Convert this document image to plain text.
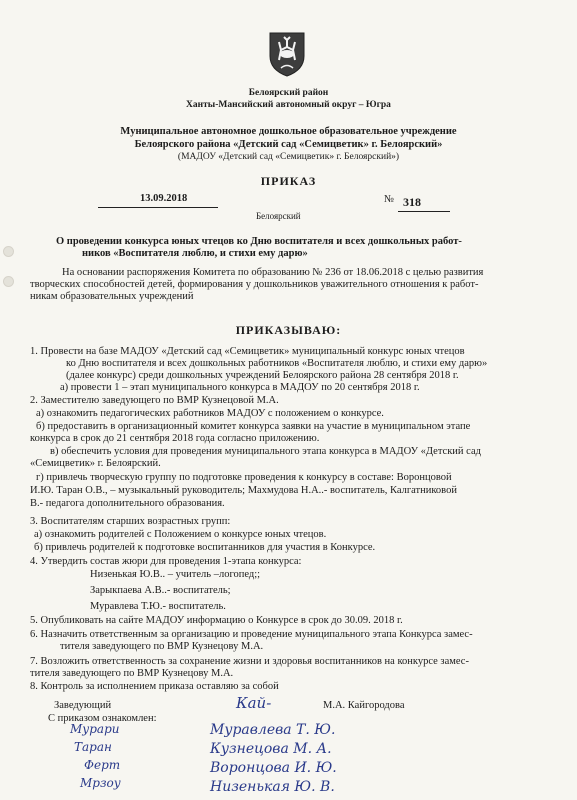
Белоярский район
Ханты-Мансийский автономный округ – Югра
Муниципальное автономное дошкольное образовательное учреждение
Белоярского района «Детский сад «Семицветик» г. Белоярский»
(МАДОУ «Детский сад «Семицветик» г. Белоярский»)
ПРИКАЗ
13.09.2018	№ 318
Белоярский
О проведении конкурса юных чтецов ко Дню воспитателя и всех дошкольных работ-
ников «Воспитателя люблю, и стихи ему дарю»
На основании распоряжения Комитета по образованию № 236 от 18.06.2018 с целью развития
творческих способностей детей, формирования у дошкольников уважительного отношения к работ-
никам образовательных учреждений
ПРИКАЗЫВАЮ:
1. Провести на базе МАДОУ «Детский сад «Семицветик» муниципальный конкурс юных чтецов
ко Дню воспитателя и всех дошкольных работников «Воспитателя люблю, и стихи ему дарю»
(далее конкурс) среди дошкольных учреждений Белоярского района 28 сентября 2018 г.
а) провести 1 – этап муниципального конкурса в МАДОУ по 20 сентября 2018 г.
2. Заместителю заведующего по ВМР Кузнецовой М.А.
а) ознакомить педагогических работников МАДОУ с положением о конкурсе.
б) предоставить в организационный комитет конкурса заявки на участие в муниципальном этапе
конкурса в срок до 21 сентября 2018 года согласно приложению.
в) обеспечить условия для проведения муниципального этапа конкурса в МАДОУ «Детский сад
«Семицветик» г. Белоярский.
г) привлечь творческую группу по подготовке проведения к конкурсу в составе: Воронцовой
И.Ю. Таран О.В., – музыкальный руководитель; Махмудова Н.А..- воспитатель, Калгатниковой
В.- педагога дополнительного образования.
3. Воспитателям старших возрастных групп:
а) ознакомить родителей с Положением о конкурсе юных чтецов.
б) привлечь родителей к подготовке воспитанников для участия в Конкурсе.
4. Утвердить состав жюри для проведения 1-этапа конкурса:
Низенькая Ю.В.. – учитель –логопед;;
Зарыкпаева А.В..- воспитатель;
Муравлева Т.Ю.- воспитатель.
5. Опубликовать на сайте МАДОУ информацию о Конкурсе в срок до 30.09. 2018 г.
6. Назначить ответственным за организацию и проведение муниципального этапа Конкурса замес-
тителя заведующего по ВМР Кузнецову М.А.
7. Возложить ответственность за сохранение жизни и здоровья воспитанников на конкурсе замес-
тителя заведующего по ВМР Кузнецову М.А.
8. Контроль за исполнением приказа оставляю за собой
Заведующий	Кай-	М.А. Кайгородова
С приказом ознакомлен:
Мурари
Таран
Ферт
Мрзоу
Муравлева Т. Ю.
Кузнецова М. А.
Воронцова И. Ю.
Низенькая Ю. В.
